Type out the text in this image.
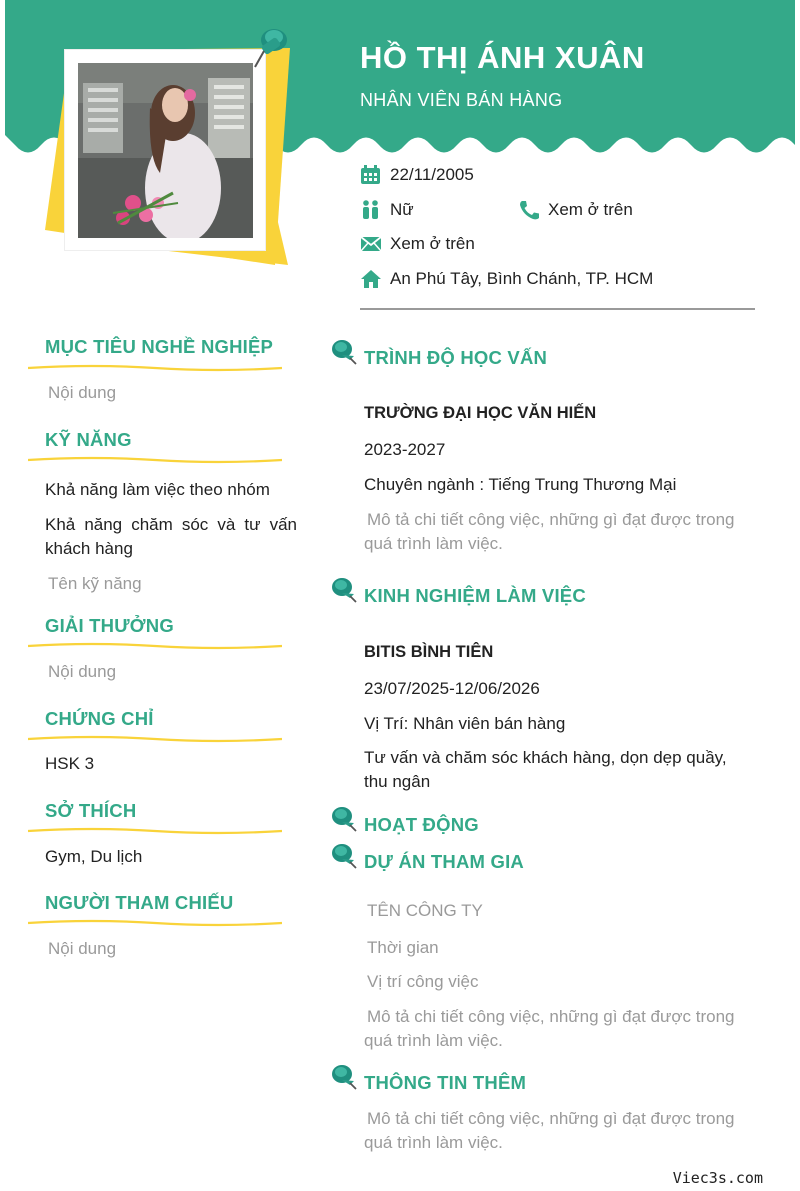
HỒ THỊ ÁNH XUÂN
NHÂN VIÊN BÁN HÀNG
22/11/2005
Nữ	Xem ở trên
Xem ở trên
An Phú Tây, Bình Chánh, TP. HCM
MỤC TIÊU NGHỀ NGHIỆP
Nội dung
KỸ NĂNG
Khả năng làm việc theo nhóm
Khả năng chăm sóc và tư vấn khách hàng
Tên kỹ năng
GIẢI THƯỞNG
Nội dung
CHỨNG CHỈ
HSK 3
SỞ THÍCH
Gym, Du lịch
NGƯỜI THAM CHIẾU
Nội dung
TRÌNH ĐỘ HỌC VẤN
TRƯỜNG ĐẠI HỌC VĂN HIẾN
2023-2027
Chuyên ngành : Tiếng Trung Thương Mại
Mô tả chi tiết công việc, những gì đạt được trong quá trình làm việc.
KINH NGHIỆM LÀM VIỆC
BITIS BÌNH TIÊN
23/07/2025-12/06/2026
Vị Trí: Nhân viên bán hàng
Tư vấn và chăm sóc khách hàng, dọn dẹp quầy, thu ngân
HOẠT ĐỘNG
DỰ ÁN THAM GIA
TÊN CÔNG TY
Thời gian
Vị trí công việc
Mô tả chi tiết công việc, những gì đạt được trong quá trình làm việc.
THÔNG TIN THÊM
Mô tả chi tiết công việc, những gì đạt được trong quá trình làm việc.
Viec3s.com
